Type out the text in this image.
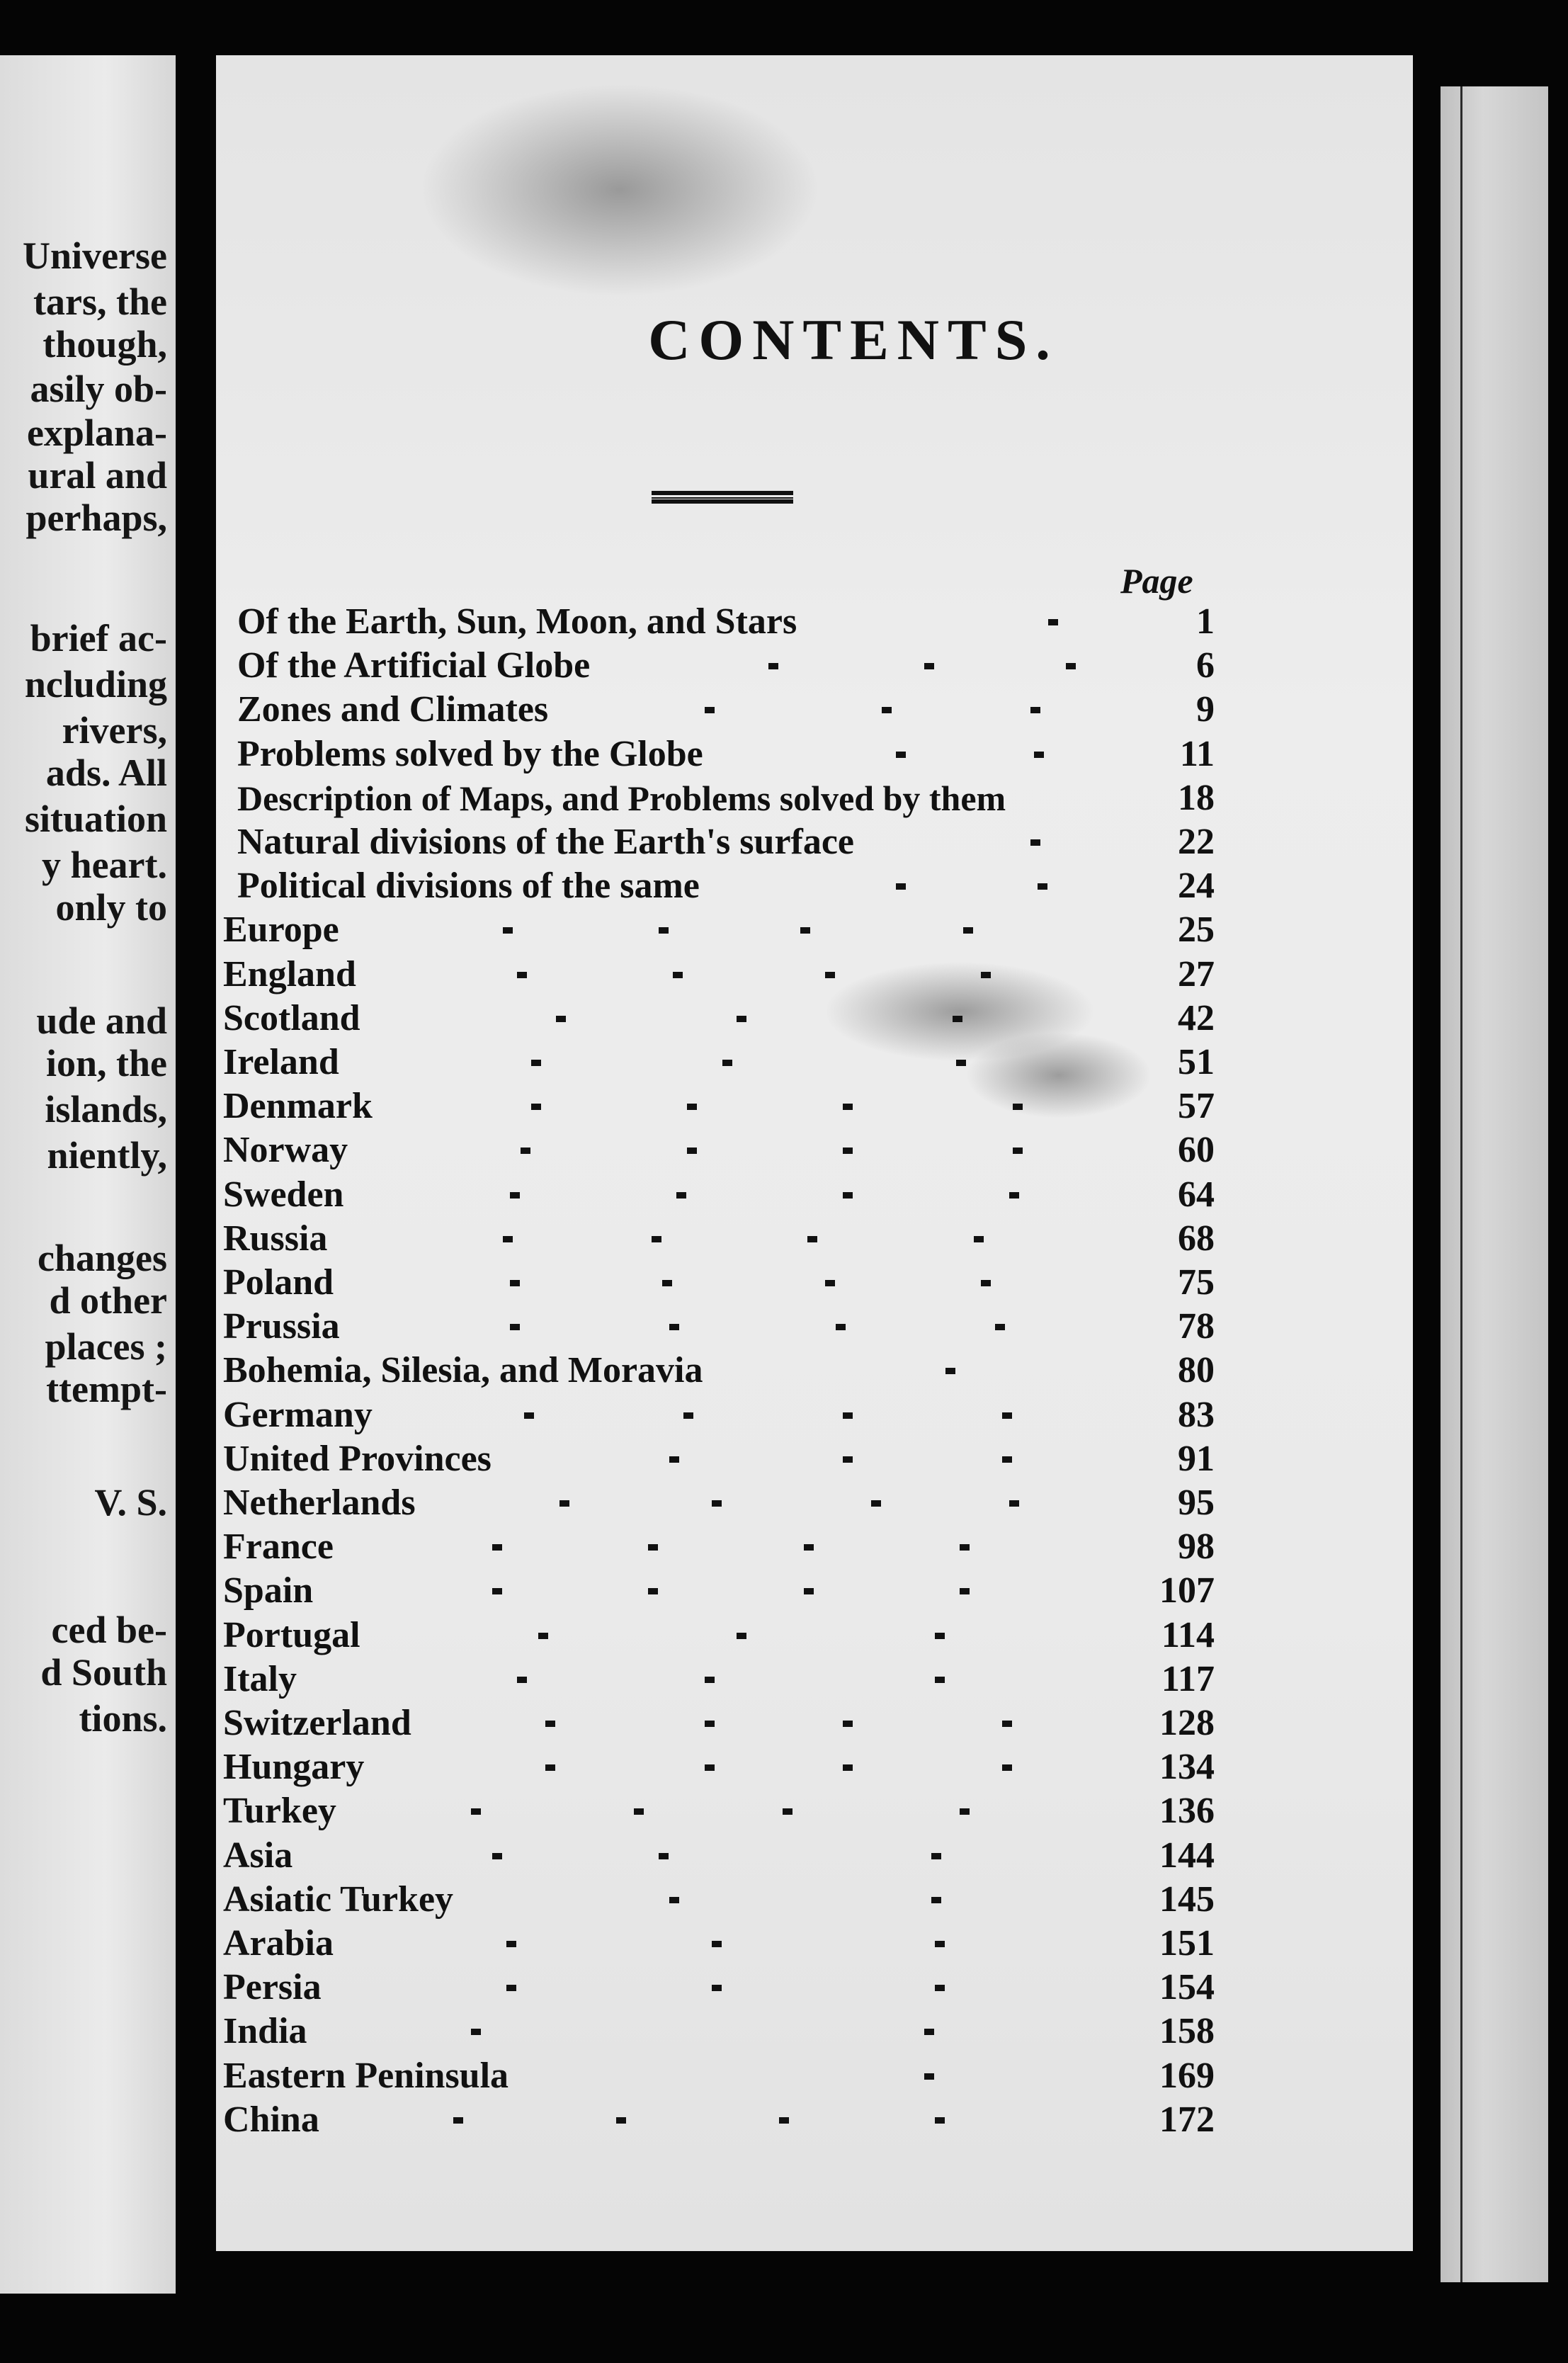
Universe
tars, the
though,
asily ob-
explana-
ural and
perhaps,
brief ac-
ncluding
rivers,
ads. All
situation
y heart.
only to
ude and
ion, the
islands,
niently,
changes
d other
places ;
ttempt-
V. S.
ced be-
d South
tions.
CONTENTS.
Page
Of the Earth, Sun, Moon, and Stars	1
Of the Artificial Globe	6
Zones and Climates	9
Problems solved by the Globe	11
Description of Maps, and Problems solved by them	18
Natural divisions of the Earth's surface	22
Political divisions of the same	24
Europe	25
England	27
Scotland	42
Ireland	51
Denmark	57
Norway	60
Sweden	64
Russia	68
Poland	75
Prussia	78
Bohemia, Silesia, and Moravia	80
Germany	83
United Provinces	91
Netherlands	95
France	98
Spain	107
Portugal	114
Italy	117
Switzerland	128
Hungary	134
Turkey	136
Asia	144
Asiatic Turkey	145
Arabia	151
Persia	154
India	158
Eastern Peninsula	169
China	172
